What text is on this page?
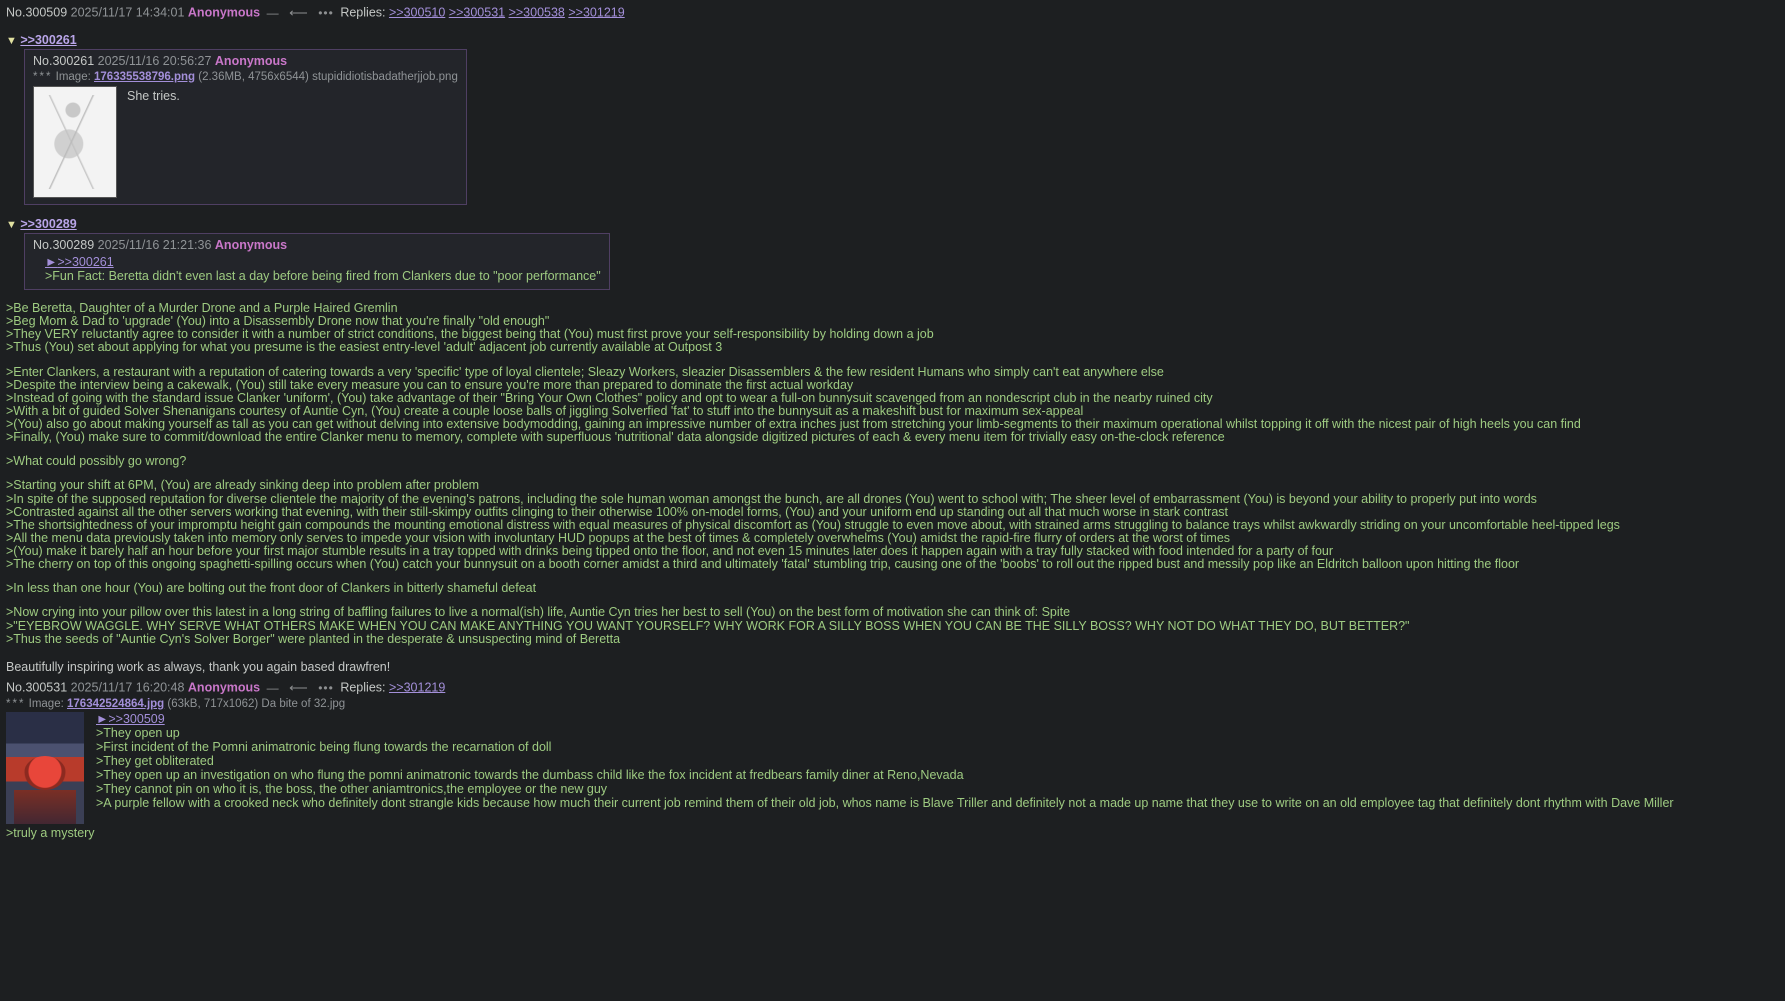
No.300509 2025/11/17 14:34:01 Anonymous — ⟵ ••• Replies: >>300510 >>300531 >>300538 >>301219
▼ >>300261
No.300261 2025/11/16 20:56:27 Anonymous
*** Image: 176335538796.png (2.36MB, 4756x6544) stupididiotisbadatherjjob.png
She tries.
▼ >>300289
No.300289 2025/11/16 21:21:36 Anonymous
►>>300261
>Fun Fact: Beretta didn't even last a day before being fired from Clankers due to "poor performance"
>Be Beretta, Daughter of a Murder Drone and a Purple Haired Gremlin
>Beg Mom & Dad to 'upgrade' (You) into a Disassembly Drone now that you're finally "old enough"
>They VERY reluctantly agree to consider it with a number of strict conditions, the biggest being that (You) must first prove your self-responsibility by holding down a job
>Thus (You) set about applying for what you presume is the easiest entry-level 'adult' adjacent job currently available at Outpost 3
>Enter Clankers, a restaurant with a reputation of catering towards a very 'specific' type of loyal clientele; Sleazy Workers, sleazier Disassemblers & the few resident Humans who simply can't eat anywhere else
>Despite the interview being a cakewalk, (You) still take every measure you can to ensure you're more than prepared to dominate the first actual workday
>Instead of going with the standard issue Clanker 'uniform', (You) take advantage of their "Bring Your Own Clothes" policy and opt to wear a full-on bunnysuit scavenged from an nondescript club in the nearby ruined city
>With a bit of guided Solver Shenanigans courtesy of Auntie Cyn, (You) create a couple loose balls of jiggling Solverfied 'fat' to stuff into the bunnysuit as a makeshift bust for maximum sex-appeal
>(You) also go about making yourself as tall as you can get without delving into extensive bodymodding, gaining an impressive number of extra inches just from stretching your limb-segments to their maximum operational whilst topping it off with the nicest pair of high heels you can find
>Finally, (You) make sure to commit/download the entire Clanker menu to memory, complete with superfluous 'nutritional' data alongside digitized pictures of each & every menu item for trivially easy on-the-clock reference
>What could possibly go wrong?
>Starting your shift at 6PM, (You) are already sinking deep into problem after problem
>In spite of the supposed reputation for diverse clientele the majority of the evening's patrons, including the sole human woman amongst the bunch, are all drones (You) went to school with; The sheer level of embarrassment (You) is beyond your ability to properly put into words
>Contrasted against all the other servers working that evening, with their still-skimpy outfits clinging to their otherwise 100% on-model forms, (You) and your uniform end up standing out all that much worse in stark contrast
>The shortsightedness of your impromptu height gain compounds the mounting emotional distress with equal measures of physical discomfort as (You) struggle to even move about, with strained arms struggling to balance trays whilst awkwardly striding on your uncomfortable heel-tipped legs
>All the menu data previously taken into memory only serves to impede your vision with involuntary HUD popups at the best of times & completely overwhelms (You) amidst the rapid-fire flurry of orders at the worst of times
>(You) make it barely half an hour before your first major stumble results in a tray topped with drinks being tipped onto the floor, and not even 15 minutes later does it happen again with a tray fully stacked with food intended for a party of four
>The cherry on top of this ongoing spaghetti-spilling occurs when (You) catch your bunnysuit on a booth corner amidst a third and ultimately 'fatal' stumbling trip, causing one of the 'boobs' to roll out the ripped bust and messily pop like an Eldritch balloon upon hitting the floor
>In less than one hour (You) are bolting out the front door of Clankers in bitterly shameful defeat
>Now crying into your pillow over this latest in a long string of baffling failures to live a normal(ish) life, Auntie Cyn tries her best to sell (You) on the best form of motivation she can think of: Spite
>"EYEBROW WAGGLE. WHY SERVE WHAT OTHERS MAKE WHEN YOU CAN MAKE ANYTHING YOU WANT YOURSELF? WHY WORK FOR A SILLY BOSS WHEN YOU CAN BE THE SILLY BOSS? WHY NOT DO WHAT THEY DO, BUT BETTER?"
>Thus the seeds of "Auntie Cyn's Solver Borger" were planted in the desperate & unsuspecting mind of Beretta
Beautifully inspiring work as always, thank you again based drawfren!
No.300531 2025/11/17 16:20:48 Anonymous — ⟵ ••• Replies: >>301219
*** Image: 176342524864.jpg (63kB, 717x1062) Da bite of 32.jpg
►>>300509
>They open up
>First incident of the Pomni animatronic being flung towards the recarnation of doll
>They get obliterated
>They open up an investigation on who flung the pomni animatronic towards the dumbass child like the fox incident at fredbears family diner at Reno,Nevada
>They cannot pin on who it is, the boss, the other aniamtronics,the employee or the new guy
>A purple fellow with a crooked neck who definitely dont strangle kids because how much their current job remind them of their old job, whos name is Blave Triller and definitely not a made up name that they use to write on an old employee tag that definitely dont rhythm with Dave Miller
>truly a mystery
